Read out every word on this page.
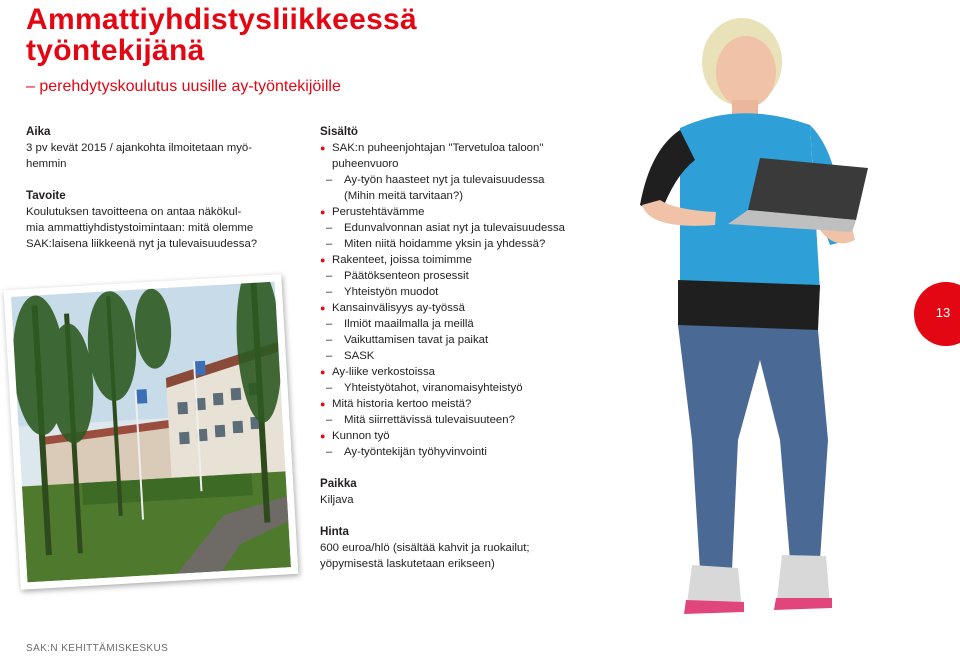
Ammattiyhdistysliikkeessä
työntekijänä
– perehdytyskoulutus uusille ay-työntekijöille
Aika

3 pv kevät 2015 / ajankohta ilmoitetaan myö-

hemmin

Tavoite

Koulutuksen tavoitteena on antaa näkökul-

mia ammattiyhdistystoimintaan: mitä olemme

SAK:laisena liikkeenä nyt ja tulevaisuudessa?

Sisältö
● SAK:n puheenjohtajan "Tervetuloa taloon"
puheenvuoro
– Ay-työn haasteet nyt ja tulevaisuudessa
(Mihin meitä tarvitaan?)
● Perustehtävämme
– Edunvalvonnan asiat nyt ja tulevaisuudessa
– Miten niitä hoidamme yksin ja yhdessä?
● Rakenteet, joissa toimimme
– Päätöksenteon prosessit
– Yhteistyön muodot
● Kansainvälisyys ay-työssä
– Ilmiöt maailmalla ja meillä
– Vaikuttamisen tavat ja paikat
– SASK
● Ay-liike verkostoissa
– Yhteistyötahot, viranomaisyhteistyö
● Mitä historia kertoo meistä?
– Mitä siirrettävissä tulevaisuuteen?
● Kunnon työ
– Ay-työntekijän työhyvinvointi
Paikka

Kiljava

Hinta

600 euroa/hlö (sisältää kahvit ja ruokailut;

yöpymisestä laskutetaan erikseen)

13
SAK:N KEHITTÄMISKESKUS
